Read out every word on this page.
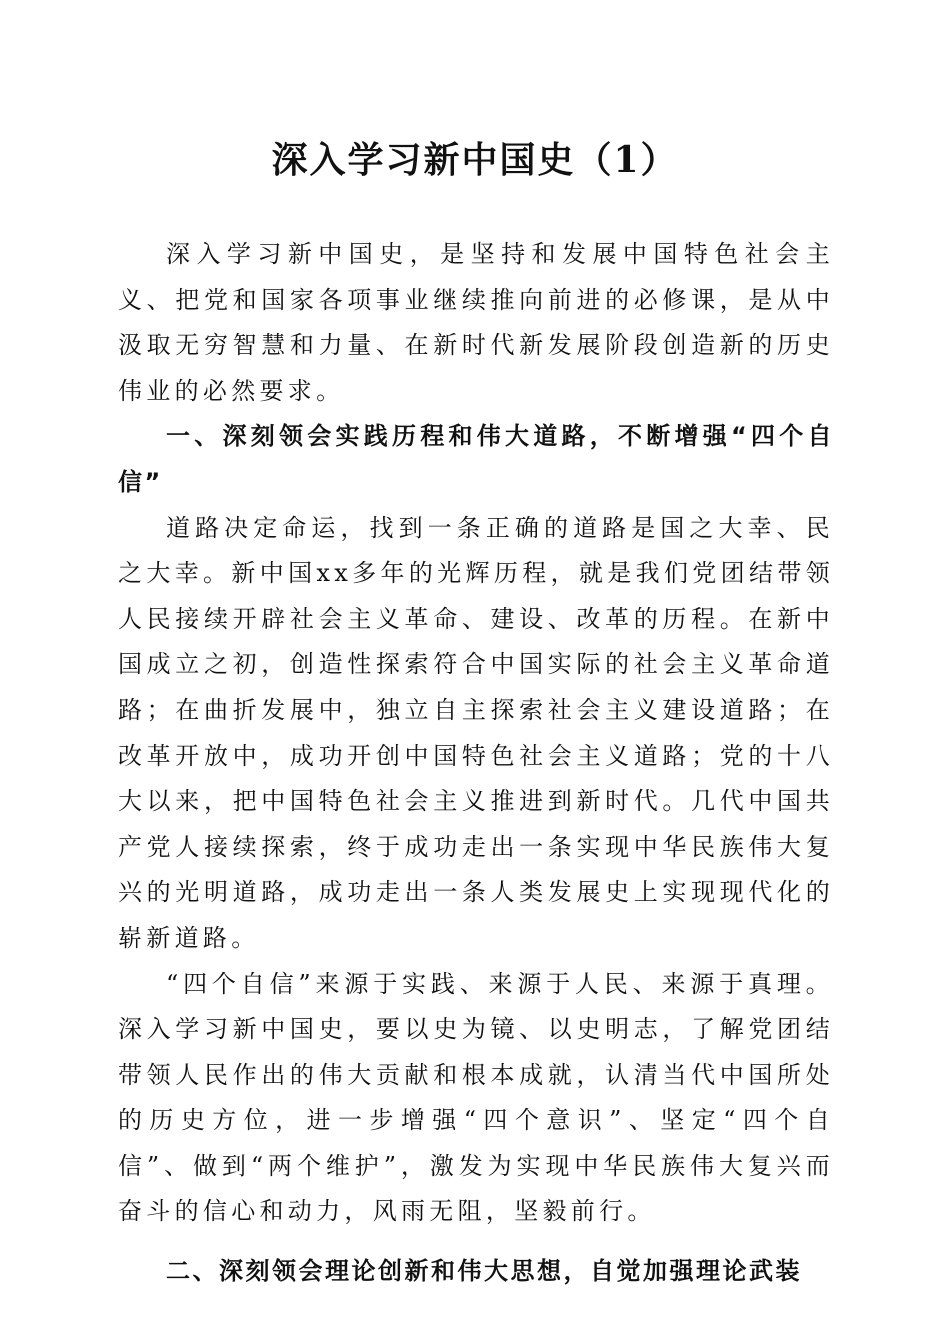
深入学习新中国史（1）

深入学习新中国史，是坚持和发展中国特色社会主义、把党和国家各项事业继续推向前进的必修课，是从中汲取无穷智慧和力量、在新时代新发展阶段创造新的历史伟业的必然要求。

一、深刻领会实践历程和伟大道路，不断增强“四个自信”

道路决定命运，找到一条正确的道路是国之大幸、民之大幸。新中国xx多年的光辉历程，就是我们党团结带领人民接续开辟社会主义革命、建设、改革的历程。在新中国成立之初，创造性探索符合中国实际的社会主义革命道路；在曲折发展中，独立自主探索社会主义建设道路；在改革开放中，成功开创中国特色社会主义道路；党的十八大以来，把中国特色社会主义推进到新时代。几代中国共产党人接续探索，终于成功走出一条实现中华民族伟大复兴的光明道路，成功走出一条人类发展史上实现现代化的崭新道路。

“四个自信”来源于实践、来源于人民、来源于真理。深入学习新中国史，要以史为镜、以史明志，了解党团结带领人民作出的伟大贡献和根本成就，认清当代中国所处的历史方位，进一步增强“四个意识”、坚定“四个自信”、做到“两个维护”，激发为实现中华民族伟大复兴而奋斗的信心和动力，风雨无阻，坚毅前行。

二、深刻领会理论创新和伟大思想，自觉加强理论武装
